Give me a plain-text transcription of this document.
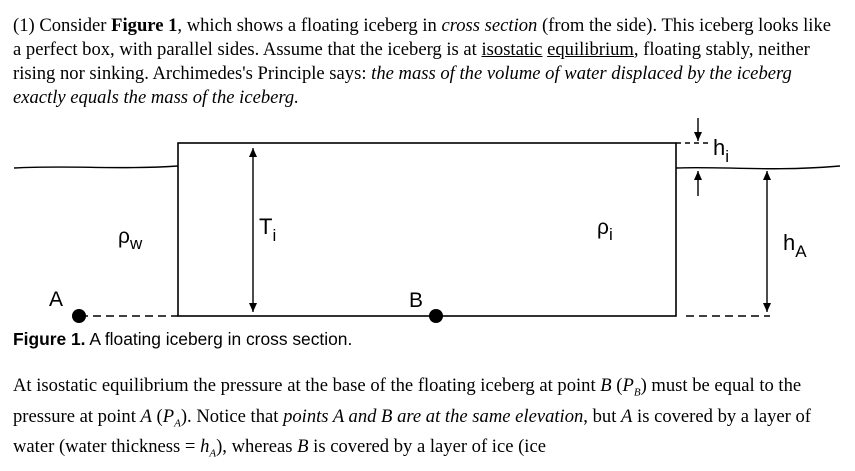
(1) Consider Figure 1, which shows a floating iceberg in cross section (from the side). This iceberg looks like a perfect box, with parallel sides. Assume that the iceberg is at isostatic equilibrium, floating stably, neither rising nor sinking. Archimedes's Principle says: the mass of the volume of water displaced by the iceberg exactly equals the mass of the iceberg.

$\rho_w$
$T_i$	$\rho_i$	$h_A$
$h_i$
A	B

Figure 1. A floating iceberg in cross section.

At isostatic equilibrium the pressure at the base of the floating iceberg at point B $(P_B)$ must be equal to the pressure at point A $(P_A)$. Notice that points A and B are at the same elevation, but A is covered by a layer of water (water thickness = $h_A$), whereas B is covered by a layer of ice (ice
